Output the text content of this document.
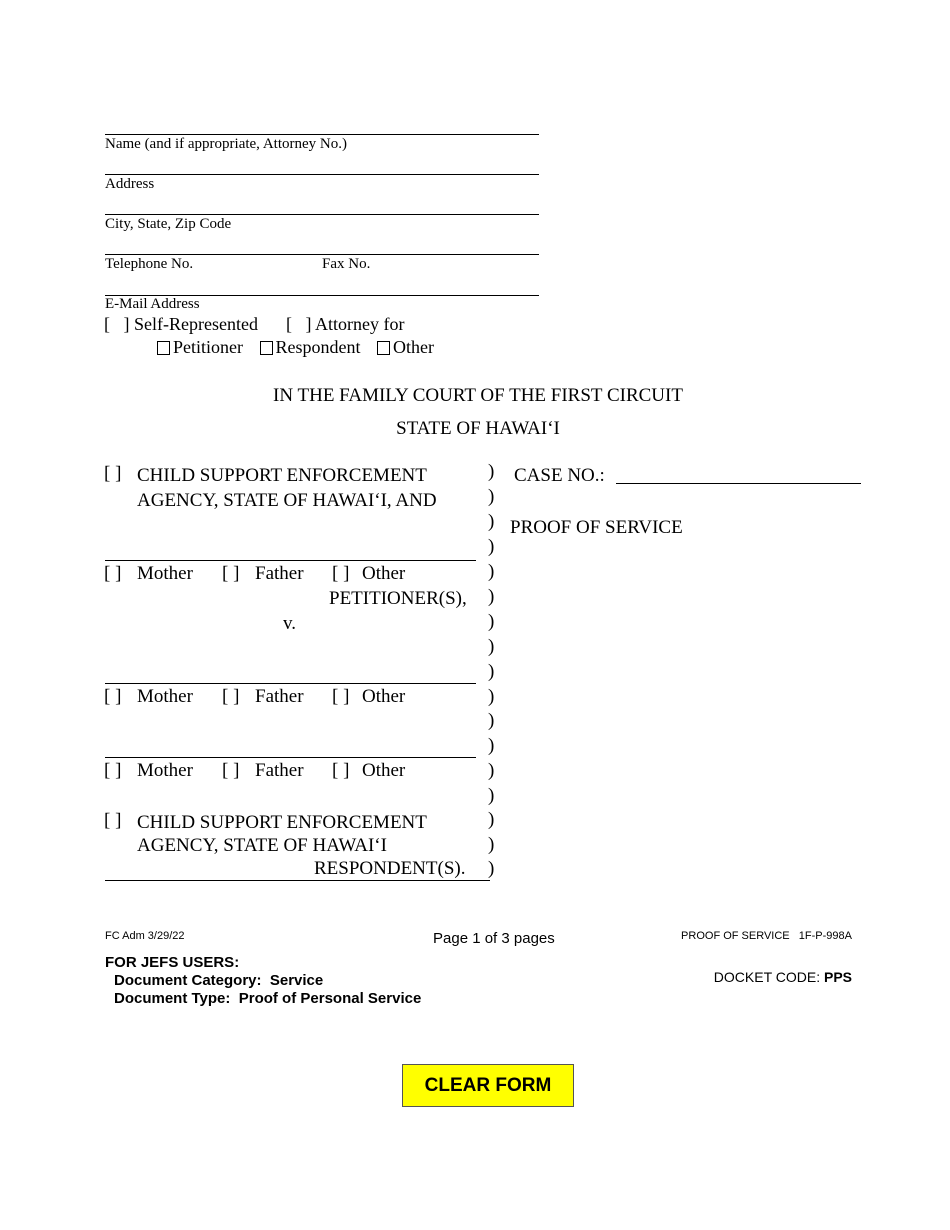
Name (and if appropriate, Attorney No.)
Address
City, State, Zip Code
Telephone No.	Fax No.
E-Mail Address
[   ] Self-Represented [   ] Attorney for
Petitioner Respondent Other
IN THE FAMILY COURT OF THE FIRST CIRCUIT
STATE OF HAWAI‘I
[ ] CHILD SUPPORT ENFORCEMENT
AGENCY, STATE OF HAWAI‘I, AND
[ ] Mother [ ] Father [ ] Other
PETITIONER(S),
v.
[ ] Mother [ ] Father [ ] Other
[ ] Mother [ ] Father [ ] Other
[ ] CHILD SUPPORT ENFORCEMENT
AGENCY, STATE OF HAWAI‘I
RESPONDENT(S).
)
)
)
)
)
)
)
)
)
)
)
)
)
)
)
)
)
CASE NO.:
PROOF OF SERVICE
FC Adm 3/29/22	Page 1 of 3 pages	PROOF OF SERVICE   1F-P-998A
FOR JEFS USERS:
Document Category:  Service
Document Type:  Proof of Personal Service
DOCKET CODE: PPS
CLEAR FORM
